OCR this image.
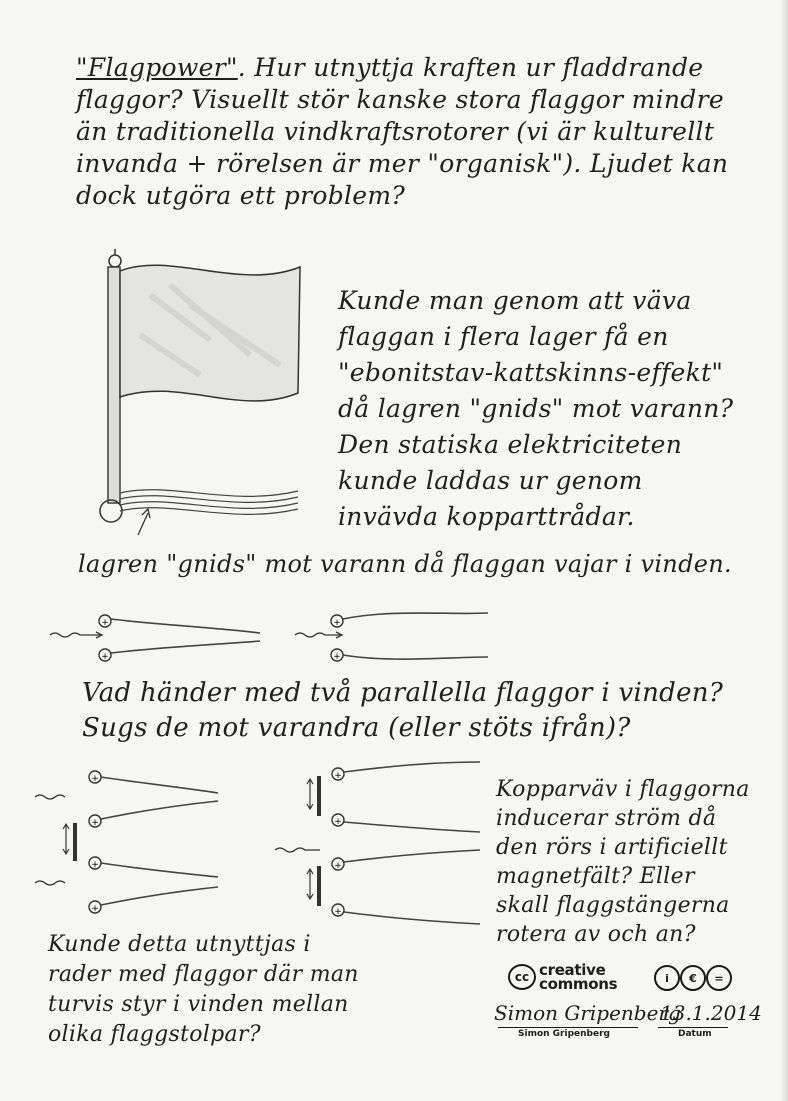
"Flagpower". Hur utnyttja kraften ur fladdrande
flaggor? Visuellt stör kanske stora flaggor mindre
än traditionella vindkraftsrotorer (vi är kulturellt
invanda + rörelsen är mer "organisk"). Ljudet kan
dock utgöra ett problem?
Kunde man genom att väva
flaggan i flera lager få en
"ebonitstav-kattskinns-effekt"
då lagren "gnids" mot varann?
Den statiska elektriciteten
kunde laddas ur genom
invävda kopparttrådar.
lagren "gnids" mot varann då flaggan vajar i vinden.
+
+
+
+
Vad händer med två parallella flaggor i vinden?
Sugs de mot varandra (eller stöts ifrån)?
+
+
+
+
+
+
+
+
Kopparväv i flaggorna
inducerar ström då
den rörs i artificiellt
magnetfält? Eller
skall flaggstängerna
rotera av och an?
Kunde detta utnyttjas i
rader med flaggor där man
turvis styr i vinden mellan
olika flaggstolpar?
cc creative
commons	i	€	=
Simon Gripenberg
13.1.2014
Simon Gripenberg	Datum
